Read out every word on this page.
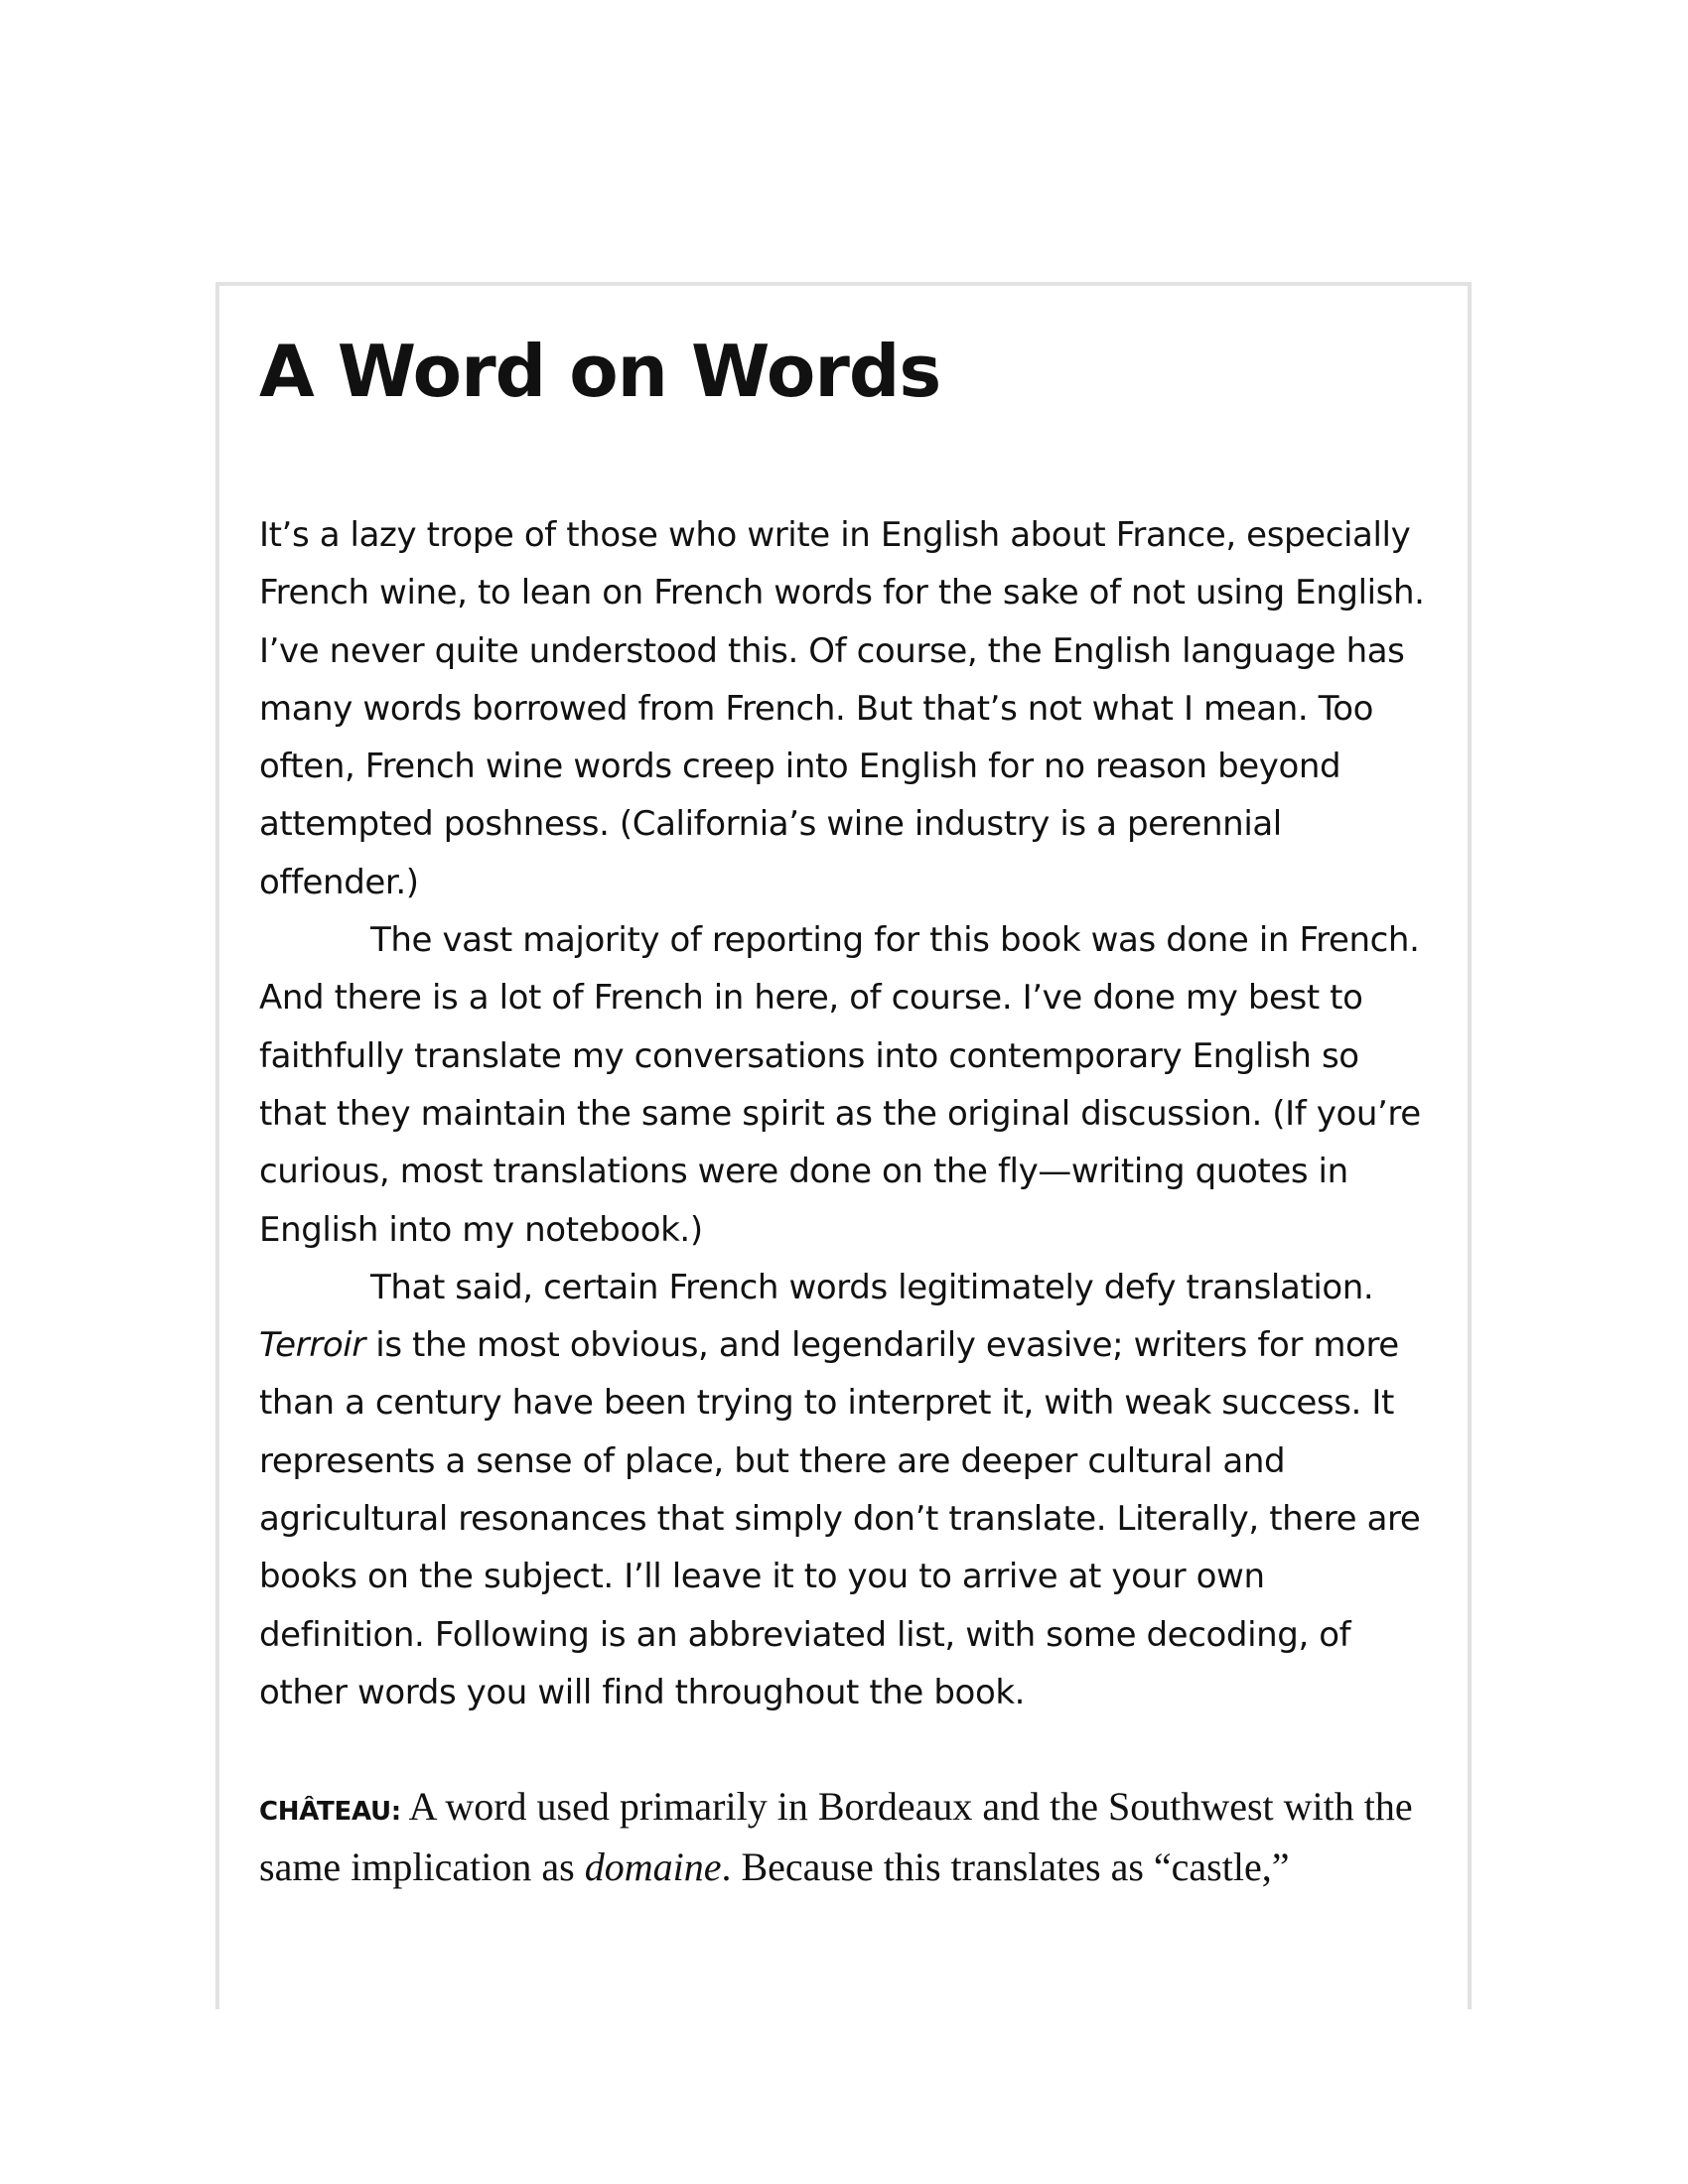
A Word on Words

It’s a lazy trope of those who write in English about France, especially French wine, to lean on French words for the sake of not using English. I’ve never quite understood this. Of course, the English language has many words borrowed from French. But that’s not what I mean. Too often, French wine words creep into English for no reason beyond attempted poshness. (California’s wine industry is a perennial offender.)

The vast majority of reporting for this book was done in French. And there is a lot of French in here, of course. I’ve done my best to faithfully translate my conversations into contemporary English so that they maintain the same spirit as the original discussion. (If you’re curious, most translations were done on the fly—writing quotes in English into my notebook.)

That said, certain French words legitimately defy translation. Terroir is the most obvious, and legendarily evasive; writers for more than a century have been trying to interpret it, with weak success. It represents a sense of place, but there are deeper cultural and agricultural resonances that simply don’t translate. Literally, there are books on the subject. I’ll leave it to you to arrive at your own definition. Following is an abbreviated list, with some decoding, of other words you will find throughout the book.

CHÂTEAU: A word used primarily in Bordeaux and the Southwest with the same implication as domaine. Because this translates as “castle,”
